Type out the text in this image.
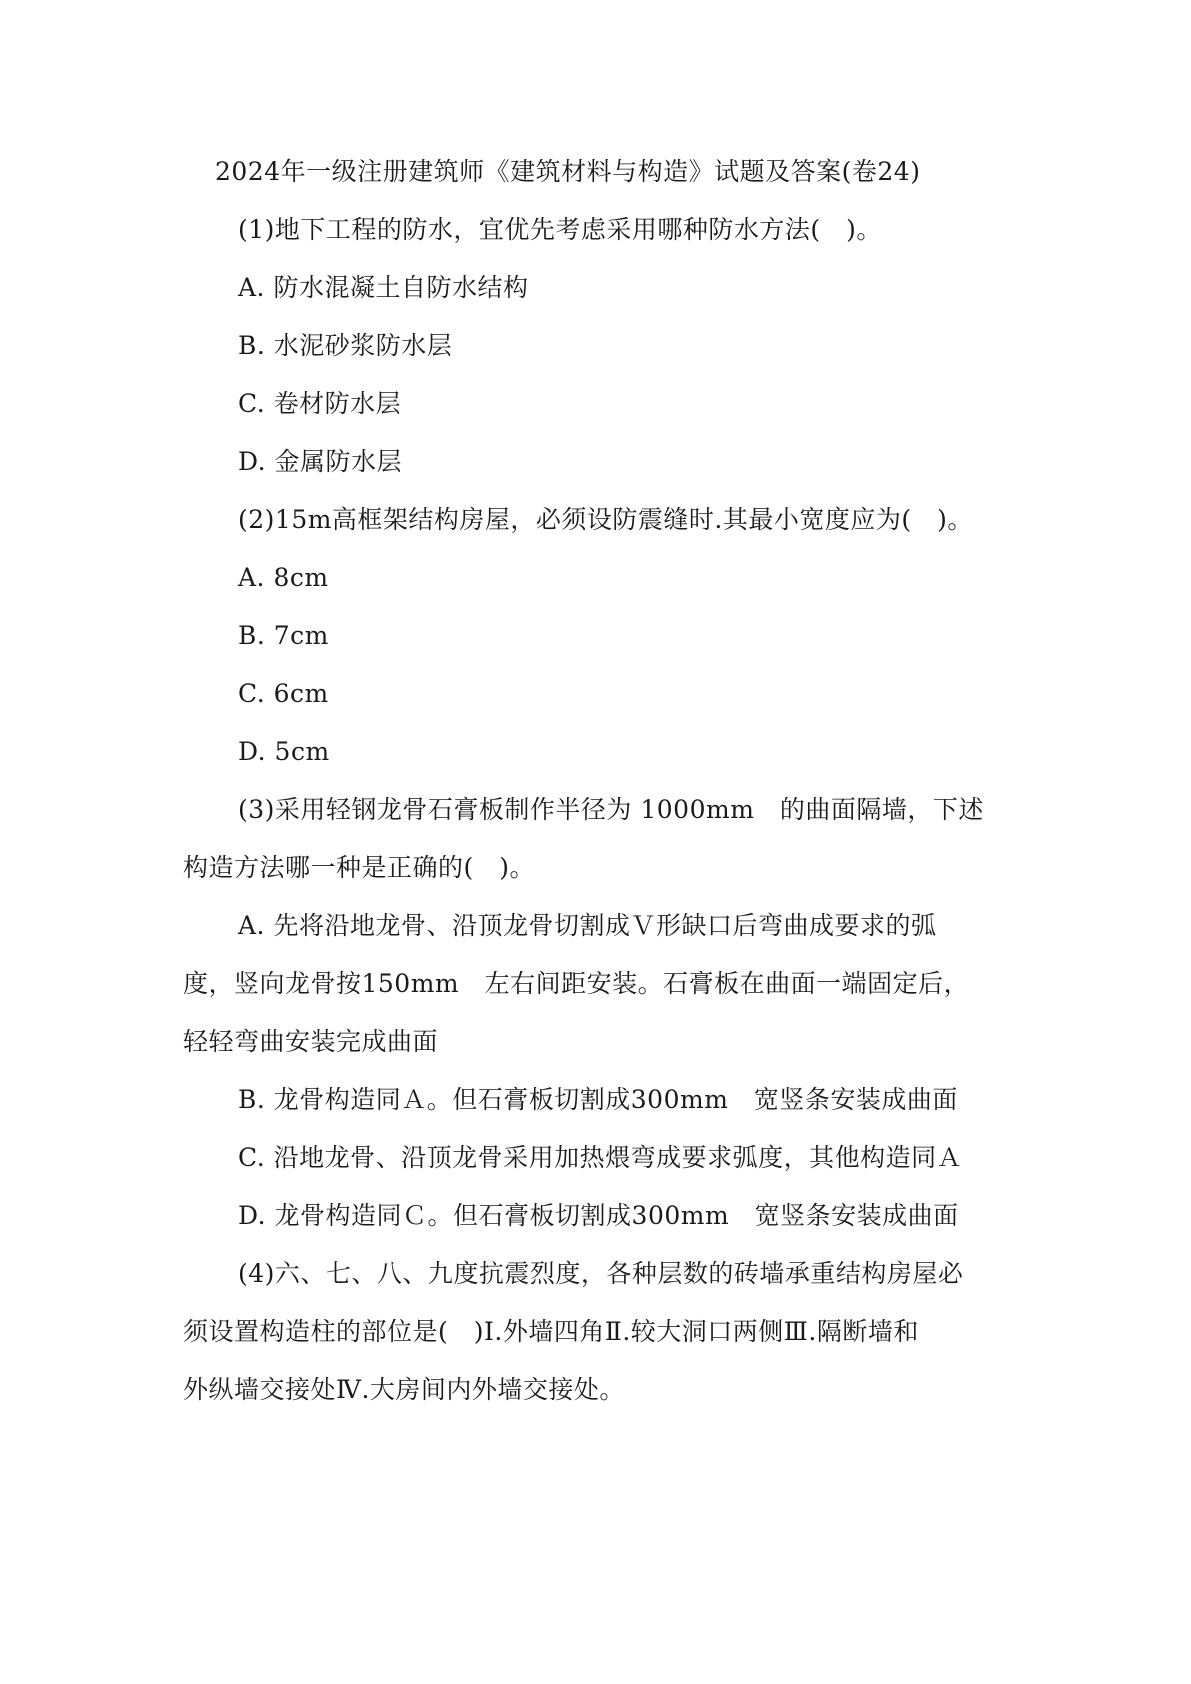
2024年一级注册建筑师《建筑材料与构造》试题及答案(卷24)
(1)地下工程的防水，宜优先考虑采用哪种防水方法(　)。
A. 防水混凝土自防水结构
B. 水泥砂浆防水层
C. 卷材防水层
D. 金属防水层
(2)15m高框架结构房屋，必须设防震缝时.其最小宽度应为(　)。
A. 8cm
B. 7cm
C. 6cm
D. 5cm
(3)采用轻钢龙骨石膏板制作半径为 1000mm　的曲面隔墙，下述
构造方法哪一种是正确的(　)。
A. 先将沿地龙骨、沿顶龙骨切割成Ｖ形缺口后弯曲成要求的弧
度，竖向龙骨按150mm　左右间距安装。石膏板在曲面一端固定后，
轻轻弯曲安装完成曲面
B. 龙骨构造同Ａ。但石膏板切割成300mm　宽竖条安装成曲面
C. 沿地龙骨、沿顶龙骨采用加热煨弯成要求弧度，其他构造同Ａ
D. 龙骨构造同Ｃ。但石膏板切割成300mm　宽竖条安装成曲面
(4)六、七、八、九度抗震烈度，各种层数的砖墙承重结构房屋必
须设置构造柱的部位是(　)Ⅰ.外墙四角Ⅱ.较大洞口两侧Ⅲ.隔断墙和
外纵墙交接处Ⅳ.大房间内外墙交接处。
